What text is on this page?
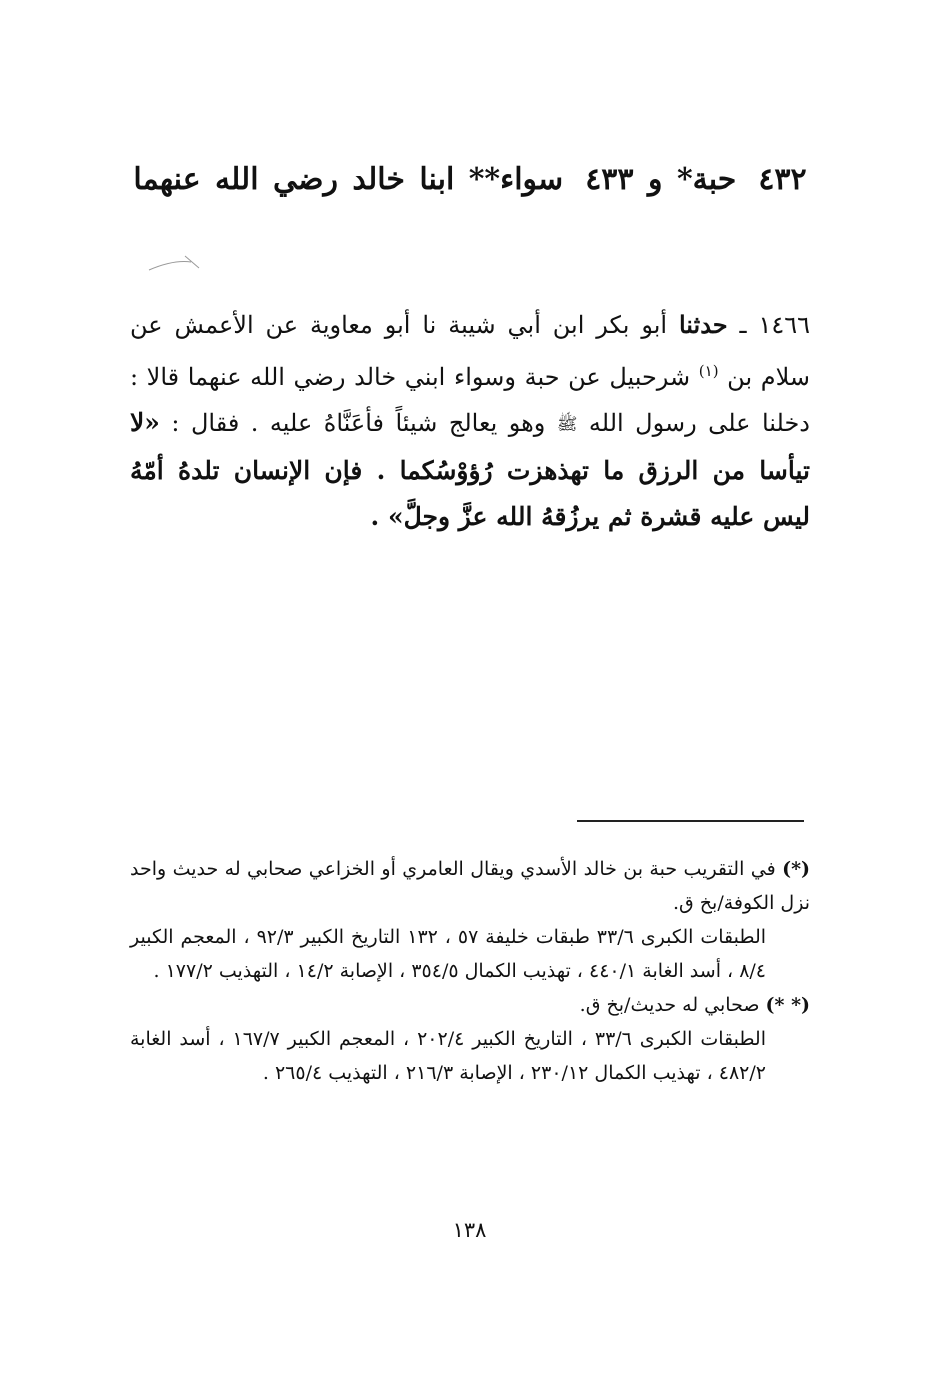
٤٣٢حبة* و ٤٣٣سواء** ابنا خالد رضي الله عنهما

١٤٦٦ ـ حدثنا أبو بكر ابن أبي شيبة نا أبو معاوية عن الأعمش عن سلام بن $^{(١)}$ شرحبيل عن حبة وسواء ابني خالد رضي الله عنهما قالا : دخلنا على رسول الله ﷺ وهو يعالج شيئاً فأعَنَّاهُ عليه . فقال : «لا تيأسا من الرزق ما تهذهزت رُؤوْسُكما . فإن الإنسان تلدهُ أمّهُ ليس عليه قشرة ثم يرزُقهُ الله عزَّ وجلَّ» .

(*) في التقريب حبة بن خالد الأسدي ويقال العامري أو الخزاعي صحابي له حديث واحد نزل الكوفة/بخ ق.

الطبقات الكبرى ٣٣/٦ طبقات خليفة ٥٧ ، ١٣٢ التاريخ الكبير ٩٢/٣ ، المعجم الكبير ٨/٤ ، أسد الغابة ٤٤٠/١ ، تهذيب الكمال ٣٥٤/٥ ، الإصابة ١٤/٢ ، التهذيب ١٧٧/٢ .

(* *) صحابي له حديث/بخ ق.

الطبقات الكبرى ٣٣/٦ ، التاريخ الكبير ٢٠٢/٤ ، المعجم الكبير ١٦٧/٧ ، أسد الغابة ٤٨٢/٢ ، تهذيب الكمال ٢٣٠/١٢ ، الإصابة ٢١٦/٣ ، التهذيب ٢٦٥/٤ .

١٣٨
